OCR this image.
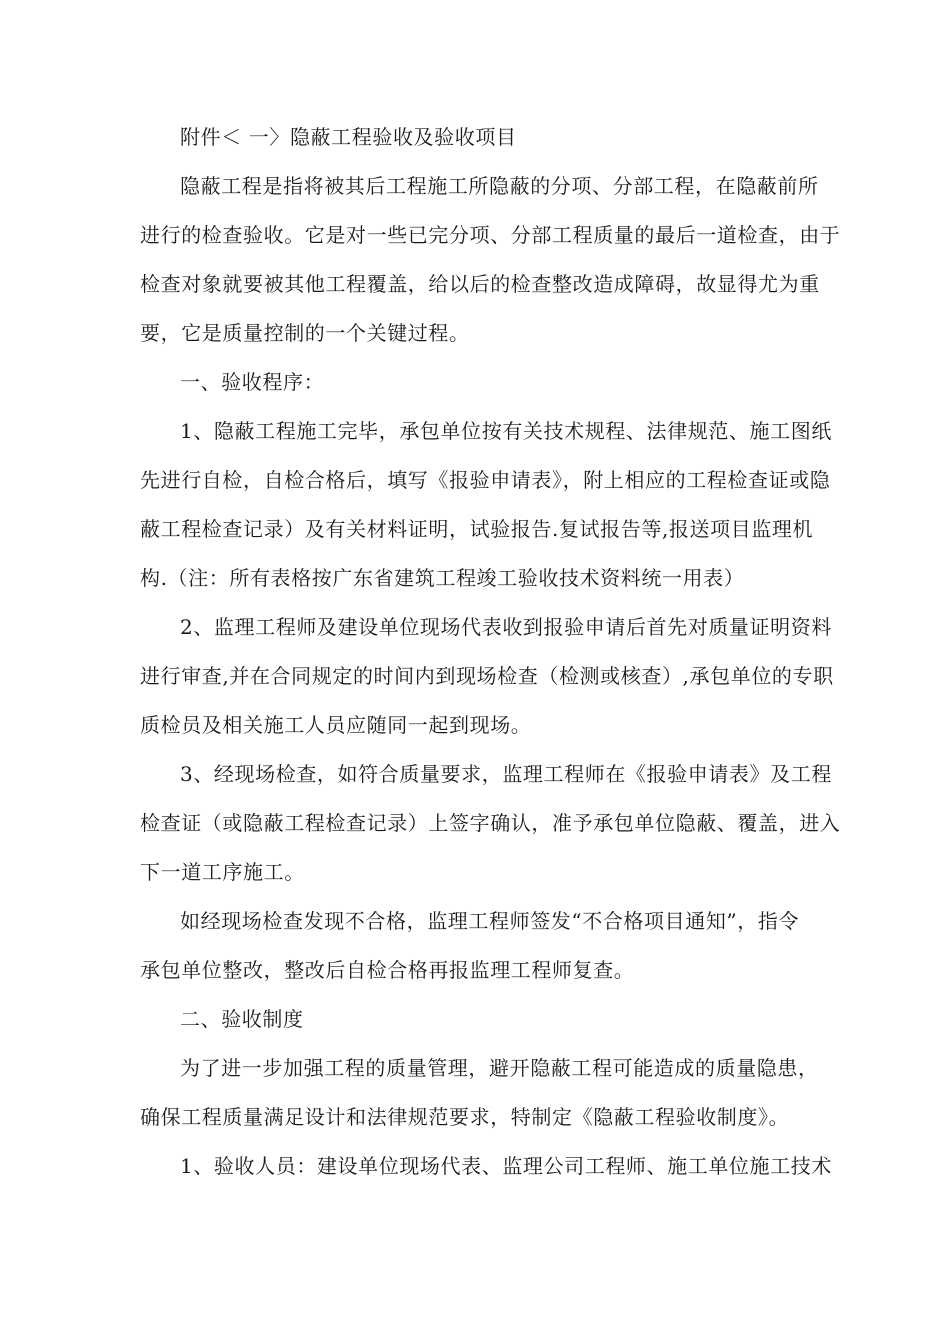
附件＜ 一〉隐蔽工程验收及验收项目
隐蔽工程是指将被其后工程施工所隐蔽的分项、分部工程，在隐蔽前所
进行的检查验收。它是对一些已完分项、分部工程质量的最后一道检查，由于
检查对象就要被其他工程覆盖，给以后的检查整改造成障碍，故显得尤为重
要，它是质量控制的一个关键过程。
一、验收程序：
1、隐蔽工程施工完毕，承包单位按有关技术规程、法律规范、施工图纸
先进行自检，自检合格后，填写《报验申请表》，附上相应的工程检查证或隐
蔽工程检查记录）及有关材料证明，试验报告.复试报告等,报送项目监理机
构.（注：所有表格按广东省建筑工程竣工验收技术资料统一用表）
2、监理工程师及建设单位现场代表收到报验申请后首先对质量证明资料
进行审查,并在合同规定的时间内到现场检查（检测或核查）,承包单位的专职
质检员及相关施工人员应随同一起到现场。
3、经现场检查，如符合质量要求，监理工程师在《报验申请表》及工程
检查证（或隐蔽工程检查记录）上签字确认，准予承包单位隐蔽、覆盖，进入
下一道工序施工。
如经现场检查发现不合格，监理工程师签发“不合格项目通知”，指令
承包单位整改，整改后自检合格再报监理工程师复查。
二、验收制度
为了进一步加强工程的质量管理，避开隐蔽工程可能造成的质量隐患，
确保工程质量满足设计和法律规范要求，特制定《隐蔽工程验收制度》。
1、验收人员：建设单位现场代表、监理公司工程师、施工单位施工技术
